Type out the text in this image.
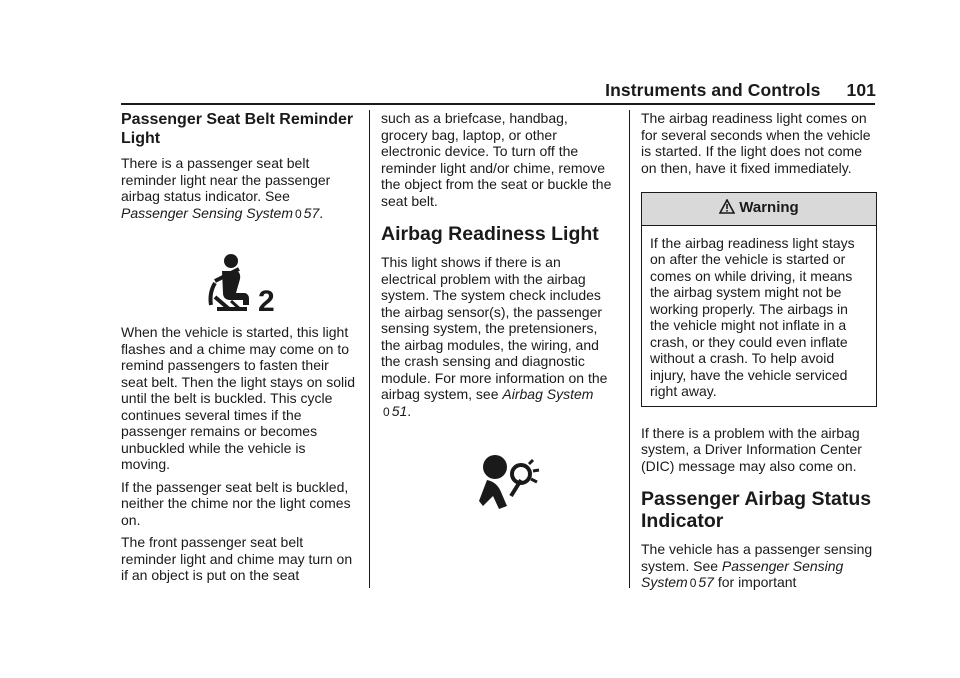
Instruments and Controls 101
Passenger Seat Belt Reminder Light

There is a passenger seat belt reminder light near the passenger airbag status indicator. See Passenger Sensing System 0 57.

2

When the vehicle is started, this light flashes and a chime may come on to remind passengers to fasten their seat belt. Then the light stays on solid until the belt is buckled. This cycle continues several times if the passenger remains or becomes unbuckled while the vehicle is moving.

If the passenger seat belt is buckled, neither the chime nor the light comes on.

The front passenger seat belt reminder light and chime may turn on if an object is put on the seat

such as a briefcase, handbag, grocery bag, laptop, or other electronic device. To turn off the reminder light and/or chime, remove the object from the seat or buckle the seat belt.

Airbag Readiness Light

This light shows if there is an electrical problem with the airbag system. The system check includes the airbag sensor(s), the passenger sensing system, the pretensioners, the airbag modules, the wiring, and the crash sensing and diagnostic module. For more information on the airbag system, see Airbag System
0 51.

The airbag readiness light comes on for several seconds when the vehicle is started. If the light does not come on then, have it fixed immediately.

Warning
If the airbag readiness light stays on after the vehicle is started or comes on while driving, it means the airbag system might not be working properly. The airbags in the vehicle might not inflate in a crash, or they could even inflate without a crash. To help avoid injury, have the vehicle serviced right away.

If there is a problem with the airbag system, a Driver Information Center (DIC) message may also come on.

Passenger Airbag Status Indicator

The vehicle has a passenger sensing system. See Passenger Sensing System 0 57 for important
